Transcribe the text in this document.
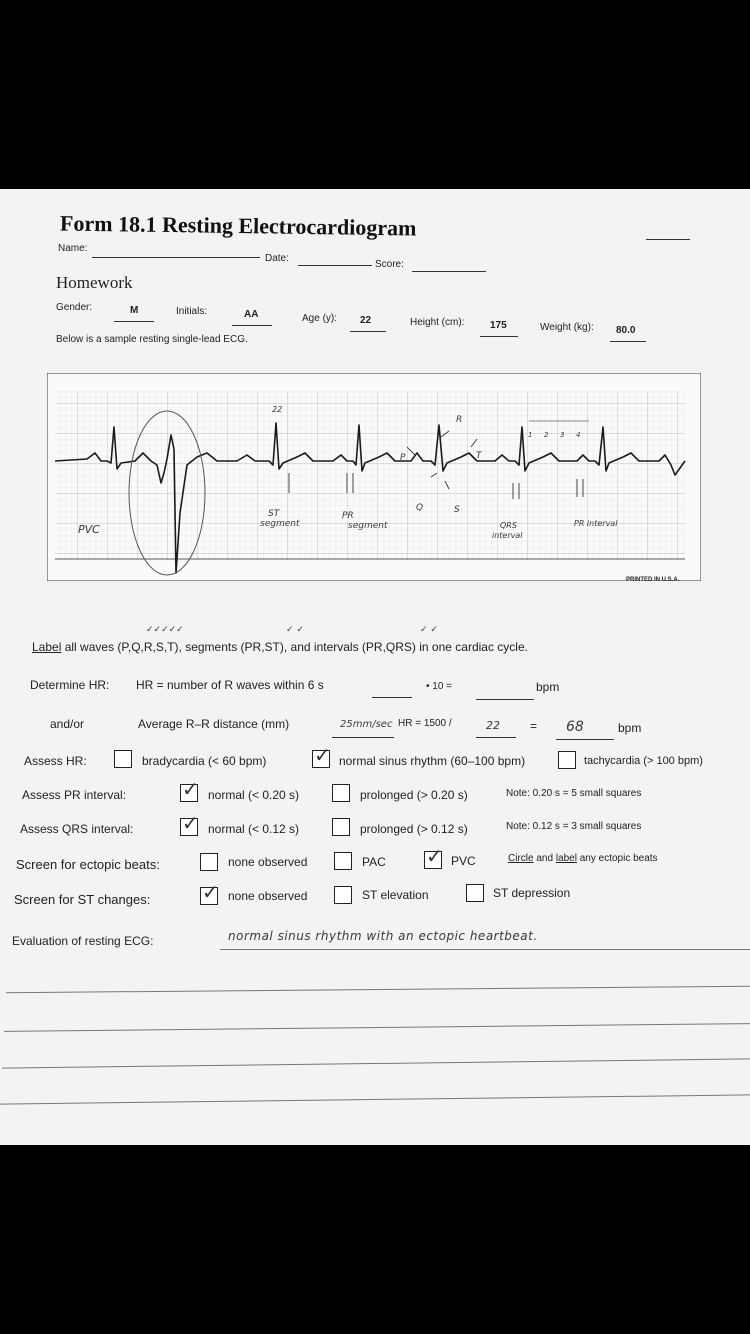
Form 18.1 Resting Electrocardiogram
Name:
Date:
Score:
Homework
Gender:	M	Initials:	AA	Age (y): 22	Height (cm):	175	Weight (kg): 80.0
Below is a sample resting single-lead ECG.
22
PVC
ST
segment
PR
segment
P
Q
R
S
T
QRS
interval
PR interval
1 2 3 4
PRINTED IN U.S.A.
✓✓✓✓✓	✓ ✓	✓ ✓
Label all waves (P,Q,R,S,T), segments (PR,ST), and intervals (PR,QRS) in one cardiac cycle.
Determine HR: HR = number of R waves within 6 s	• 10 =	bpm
and/or	Average R–R distance (mm)	25mm/sec HR = 1500 /	22	= 68	bpm
Assess HR:	bradycardia (< 60 bpm) ✓ normal sinus rhythm (60–100 bpm)	tachycardia (> 100 bpm)
Assess PR interval:	✓ normal (< 0.20 s)	prolonged (> 0.20 s)	Note: 0.20 s = 5 small squares
Assess QRS interval: ✓ normal (< 0.12 s)	prolonged (> 0.12 s)	Note: 0.12 s = 3 small squares
Screen for ectopic beats:	none observed	PAC ✓ PVC	Circle and label any ectopic beats
Screen for ST changes:	✓ none observed	ST elevation	ST depression
Evaluation of resting ECG:	normal sinus rhythm with an ectopic heartbeat.
